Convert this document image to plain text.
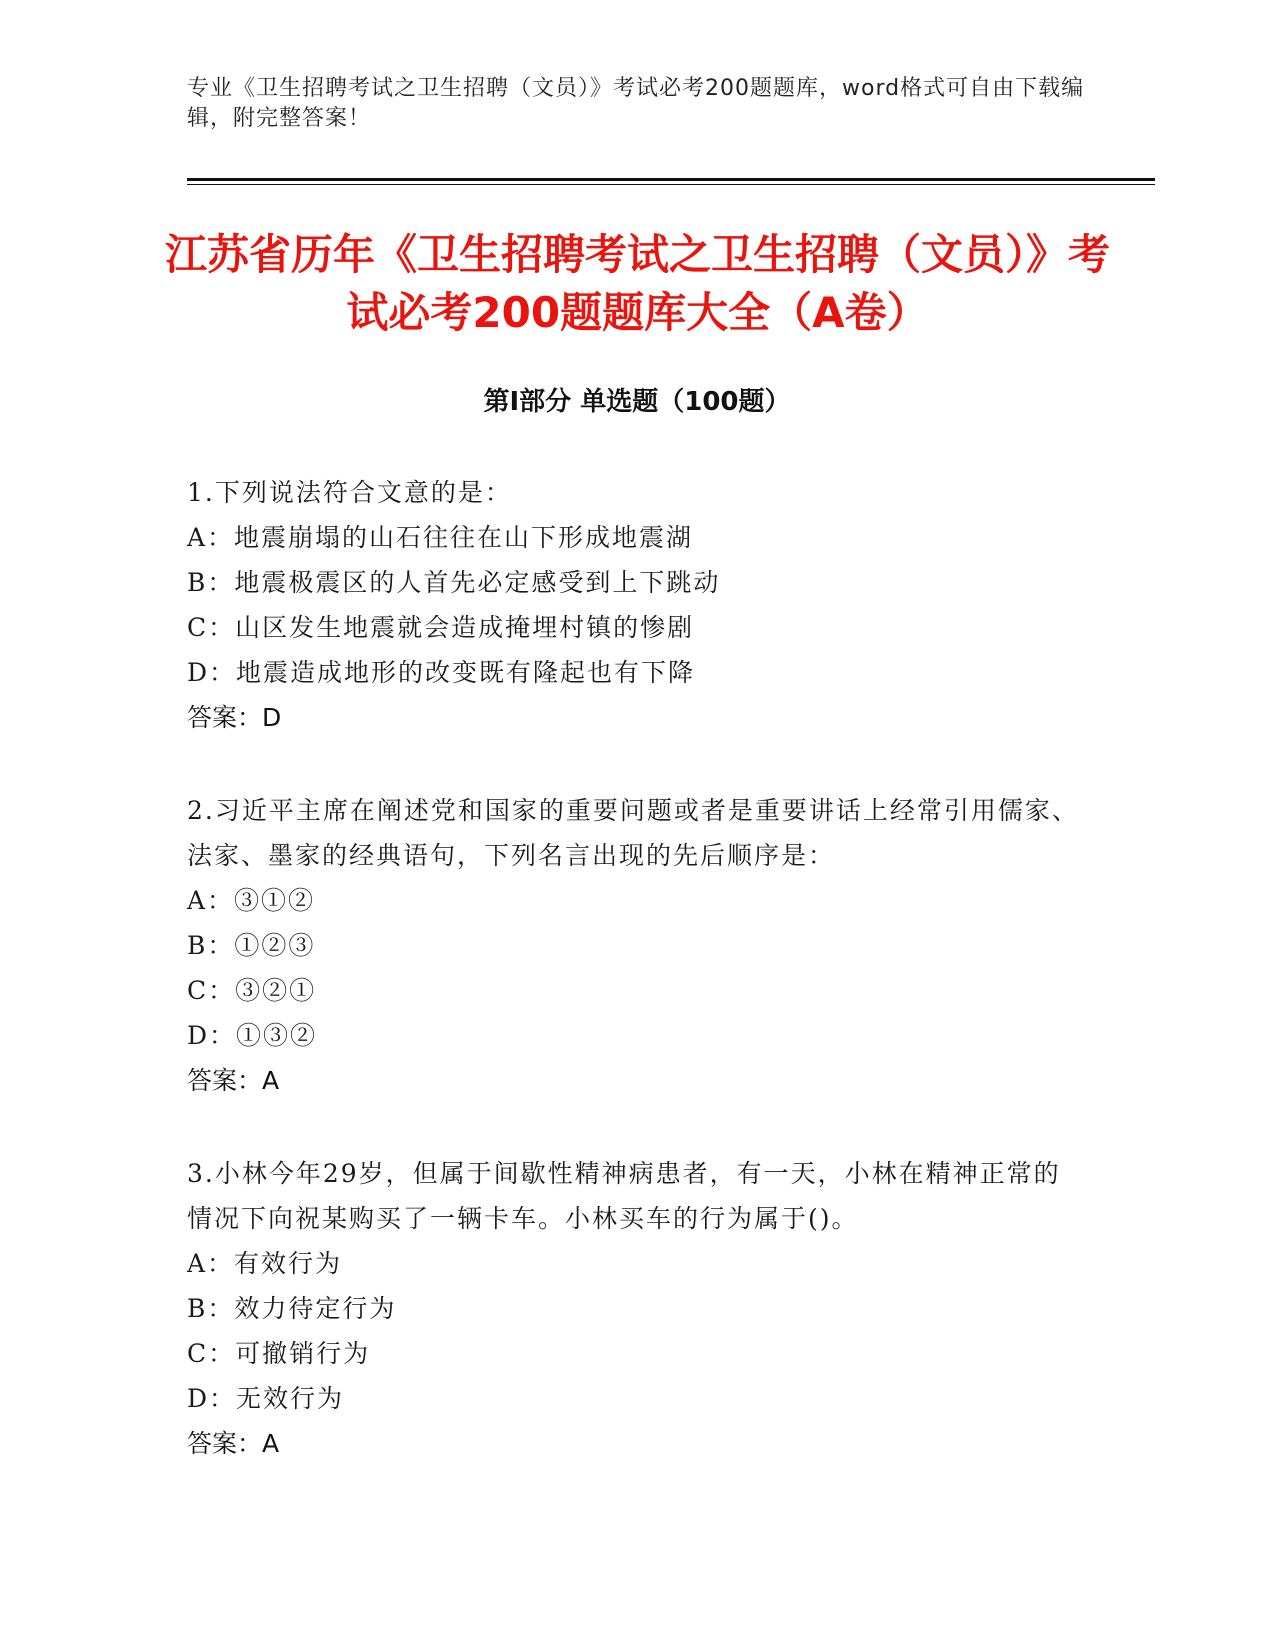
专业《卫生招聘考试之卫生招聘（文员）》考试必考200题题库，word格式可自由下载编辑，附完整答案！
江苏省历年《卫生招聘考试之卫生招聘（文员）》考试必考200题题库大全（A卷）
第Ⅰ部分 单选题（100题）
1.下列说法符合文意的是：
A：地震崩塌的山石往往在山下形成地震湖
B：地震极震区的人首先必定感受到上下跳动
C：山区发生地震就会造成掩埋村镇的惨剧
D：地震造成地形的改变既有隆起也有下降
答案：D
2.习近平主席在阐述党和国家的重要问题或者是重要讲话上经常引用儒家、法家、墨家的经典语句，下列名言出现的先后顺序是：
A：③①②
B：①②③
C：③②①
D：①③②
答案：A
3.小林今年29岁，但属于间歇性精神病患者，有一天，小林在精神正常的情况下向祝某购买了一辆卡车。小林买车的行为属于()。
A：有效行为
B：效力待定行为
C：可撤销行为
D：无效行为
答案：A
